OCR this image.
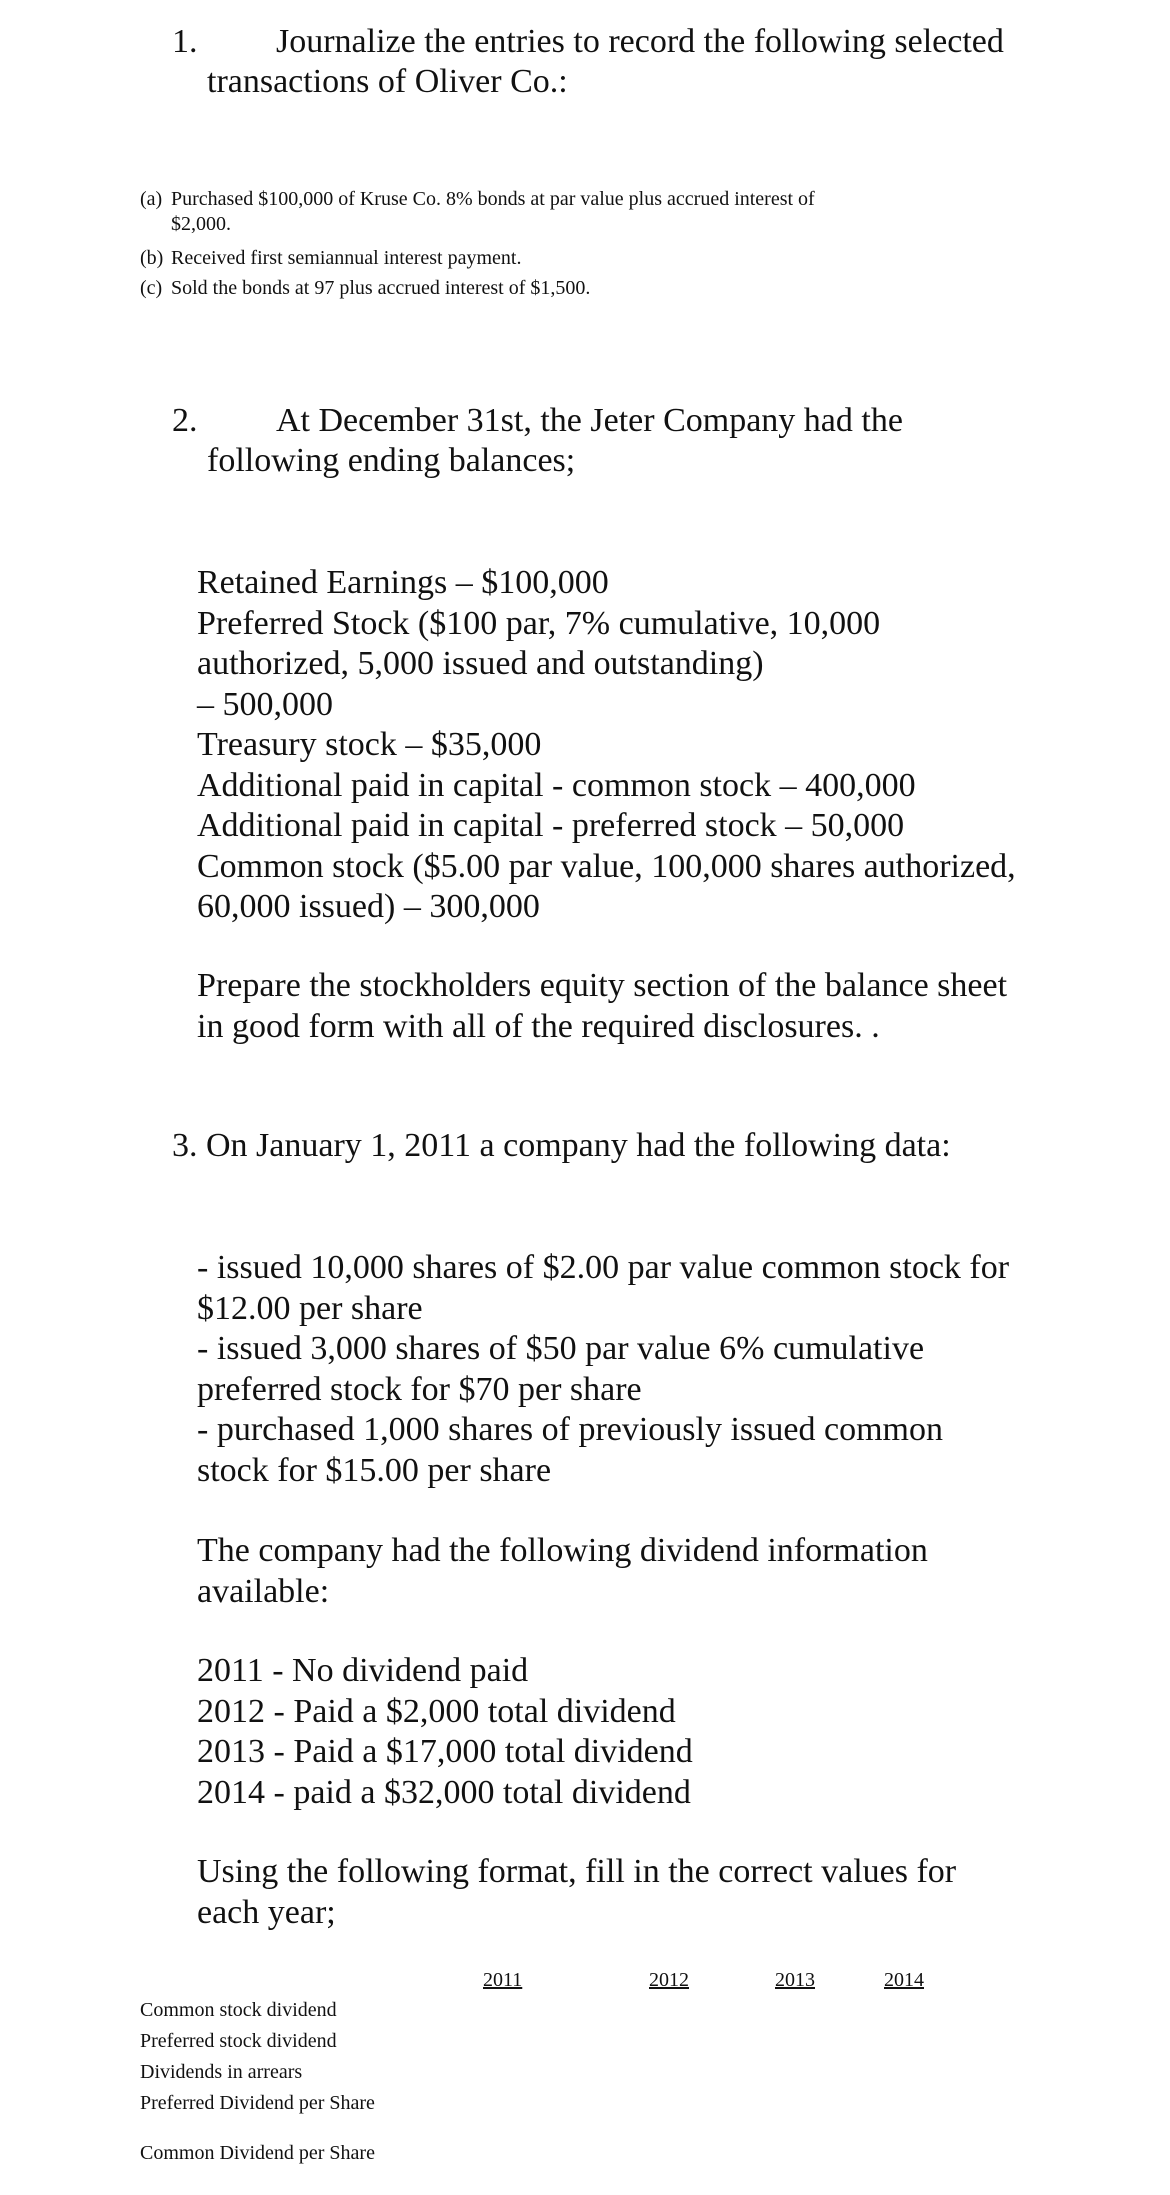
1. Journalize the entries to record the following selected
transactions of Oliver Co.:
(a) Purchased $100,000 of Kruse Co. 8% bonds at par value plus accrued interest of
$2,000.
(b) Received first semiannual interest payment.
(c) Sold the bonds at 97 plus accrued interest of $1,500.
2. At December 31st, the Jeter Company had the
following ending balances;
Retained Earnings – $100,000
Preferred Stock ($100 par, 7% cumulative, 10,000
authorized, 5,000 issued and outstanding)
– 500,000
Treasury stock – $35,000
Additional paid in capital - common stock – 400,000
Additional paid in capital - preferred stock – 50,000
Common stock ($5.00 par value, 100,000 shares authorized,
60,000 issued) – 300,000
Prepare the stockholders equity section of the balance sheet
in good form with all of the required disclosures. .
3. On January 1, 2011 a company had the following data:
- issued 10,000 shares of $2.00 par value common stock for
$12.00 per share
- issued 3,000 shares of $50 par value 6% cumulative
preferred stock for $70 per share
- purchased 1,000 shares of previously issued common
stock for $15.00 per share
The company had the following dividend information
available:
2011 - No dividend paid
2012 - Paid a $2,000 total dividend
2013 - Paid a $17,000 total dividend
2014 - paid a $32,000 total dividend
Using the following format, fill in the correct values for
each year;
2011	2012	2013	2014
Common stock dividend
Preferred stock dividend
Dividends in arrears
Preferred Dividend per Share
Common Dividend per Share
